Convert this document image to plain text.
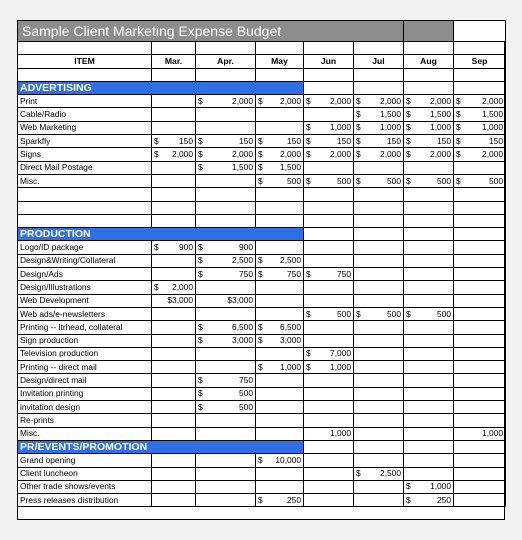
Sample Client Marketing Expense Budget							

ITEM	Mar.	Apr.	May	Jun	Jul	Aug	Sep

ADVERTISING							
Print		$ 2,000	$ 2,000	$ 2,000	$ 2,000	$ 2,000	$ 2,000

Cable/Radio					$ 1,500	$ 1,500	$ 1,500

Web Marketing				$ 1,000	$ 1,000	$ 1,000	$ 1,000

Sparkfly	$ 150	$ 150	$ 150	$ 150	$ 150	$ 150	$ 150

Signs	$ 2,000	$ 2,000	$ 2,000	$ 2,000	$ 2,000	$ 2,000	$ 2,000

Direct Mail Postage		$ 1,500	$ 1,500				

Misc.			$ 500	$ 500	$ 500	$ 500	$ 500

PRODUCTION							
Logo/ID package	$ 900	$ 900					

Design&Writing/Collateral		$ 2,500	$ 2,500				

Design/Ads		$ 750	$ 750	$ 750			

Design/Illustrations	$ 2,000						

Web Development	$3,000	$3,000					

Web ads/e-newsletters				$ 500	$ 500	$ 500	

Printing -- ltrhead, collateral		$ 6,500	$ 6,500				

Sign production		$ 3,000	$ 3,000				

Television production				$ 7,000			

Printing -- direct mail			$ 1,000	$ 1,000			

Design/direct mail		$ 750					

Invitation printing		$ 500					

invitation design		$ 500					

Re-prints							
Misc.				1,000			1,000

PR/EVENTS/PROMOTION							
Grand opening			$ 10,000				

Client luncheon					$ 2,500		

Other trade shows/events						$ 1,000	

Press releases distribution			$ 250			$ 250	
